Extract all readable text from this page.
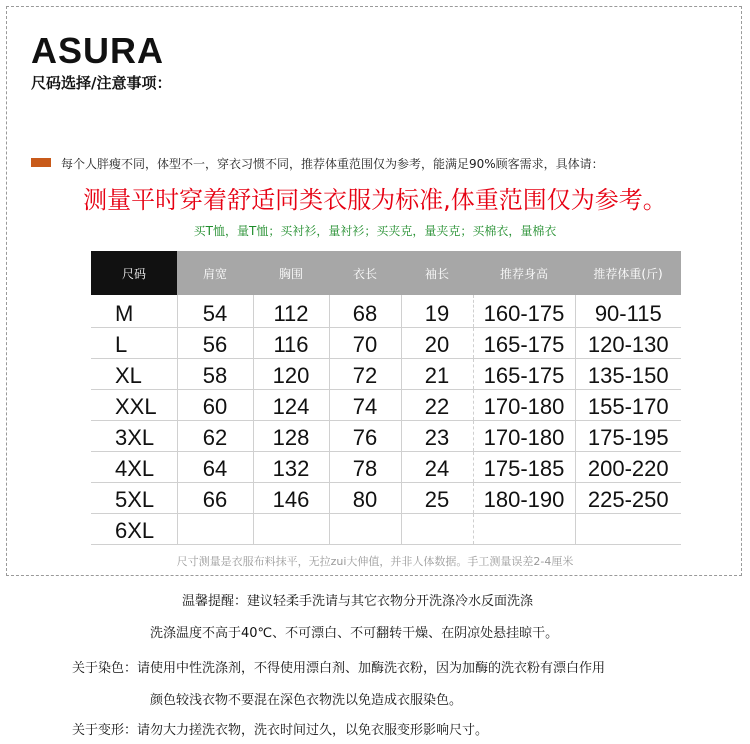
ASURA
尺码选择/注意事项：
每个人胖瘦不同，体型不一，穿衣习惯不同，推荐体重范围仅为参考，能满足90%顾客需求，具体请：
测量平时穿着舒适同类衣服为标准,体重范围仅为参考。
买T恤，量T恤；买衬衫，量衬衫；买夹克，量夹克；买棉衣，量棉衣
尺码	肩宽	胸围	衣长	袖长	推荐身高	推荐体重(斤)
M	54	112	68	19	160-175	90-115
L	56	116	70	20	165-175	120-130
XL	58	120	72	21	165-175	135-150
XXL	60	124	74	22	170-180	155-170
3XL	62	128	76	23	170-180	175-195
4XL	64	132	78	24	175-185	200-220
5XL	66	146	80	25	180-190	225-250
6XL						
尺寸测量是衣服布料抹平，无拉zui大伸值，并非人体数据。手工测量误差2-4厘米
温馨提醒：建议轻柔手洗请与其它衣物分开洗涤冷水反面洗涤
洗涤温度不高于40℃、不可漂白、不可翻转干燥、在阴凉处悬挂晾干。
关于染色：请使用中性洗涤剂，不得使用漂白剂、加酶洗衣粉，因为加酶的洗衣粉有漂白作用
颜色较浅衣物不要混在深色衣物洗以免造成衣服染色。
关于变形：请勿大力搓洗衣物，洗衣时间过久，以免衣服变形影响尺寸。
